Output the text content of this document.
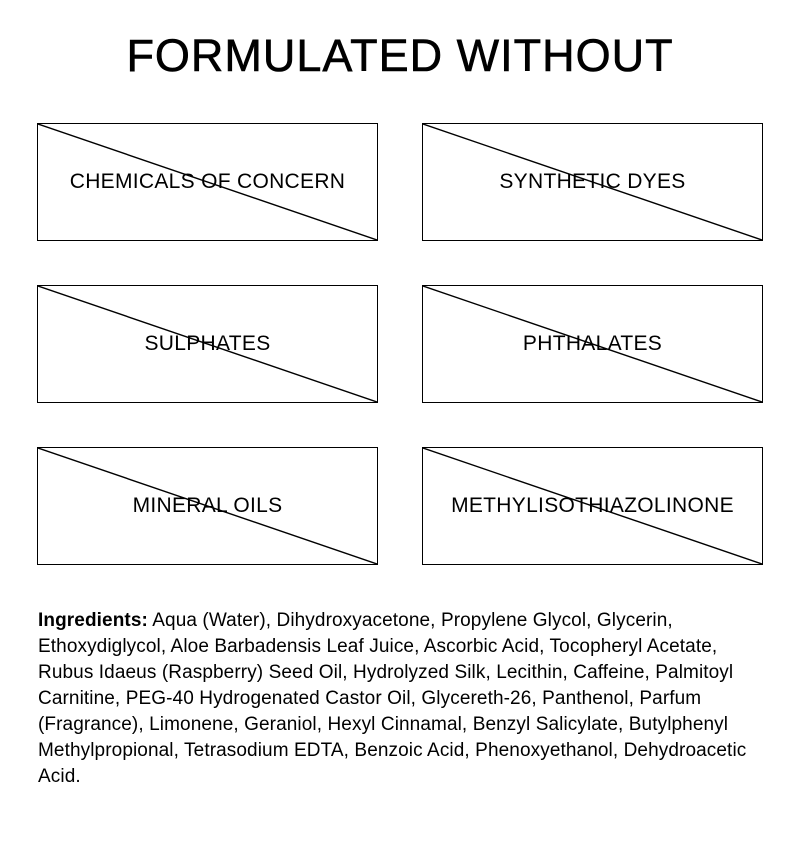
FORMULATED WITHOUT
CHEMICALS OF CONCERN	SYNTHETIC DYES
SULPHATES	PHTHALATES
MINERAL OILS	METHYLISOTHIAZOLINONE
Ingredients: Aqua (Water), Dihydroxyacetone, Propylene Glycol, Glycerin, Ethoxydiglycol, Aloe Barbadensis Leaf Juice, Ascorbic Acid, Tocopheryl Acetate, Rubus Idaeus (Raspberry) Seed Oil, Hydrolyzed Silk, Lecithin, Caffeine, Palmitoyl Carnitine, PEG-40 Hydrogenated Castor Oil, Glycereth-26, Panthenol, Parfum (Fragrance), Limonene, Geraniol, Hexyl Cinnamal, Benzyl Salicylate, Butylphenyl Methylpropional, Tetrasodium EDTA, Benzoic Acid, Phenoxyethanol, Dehydroacetic Acid.
